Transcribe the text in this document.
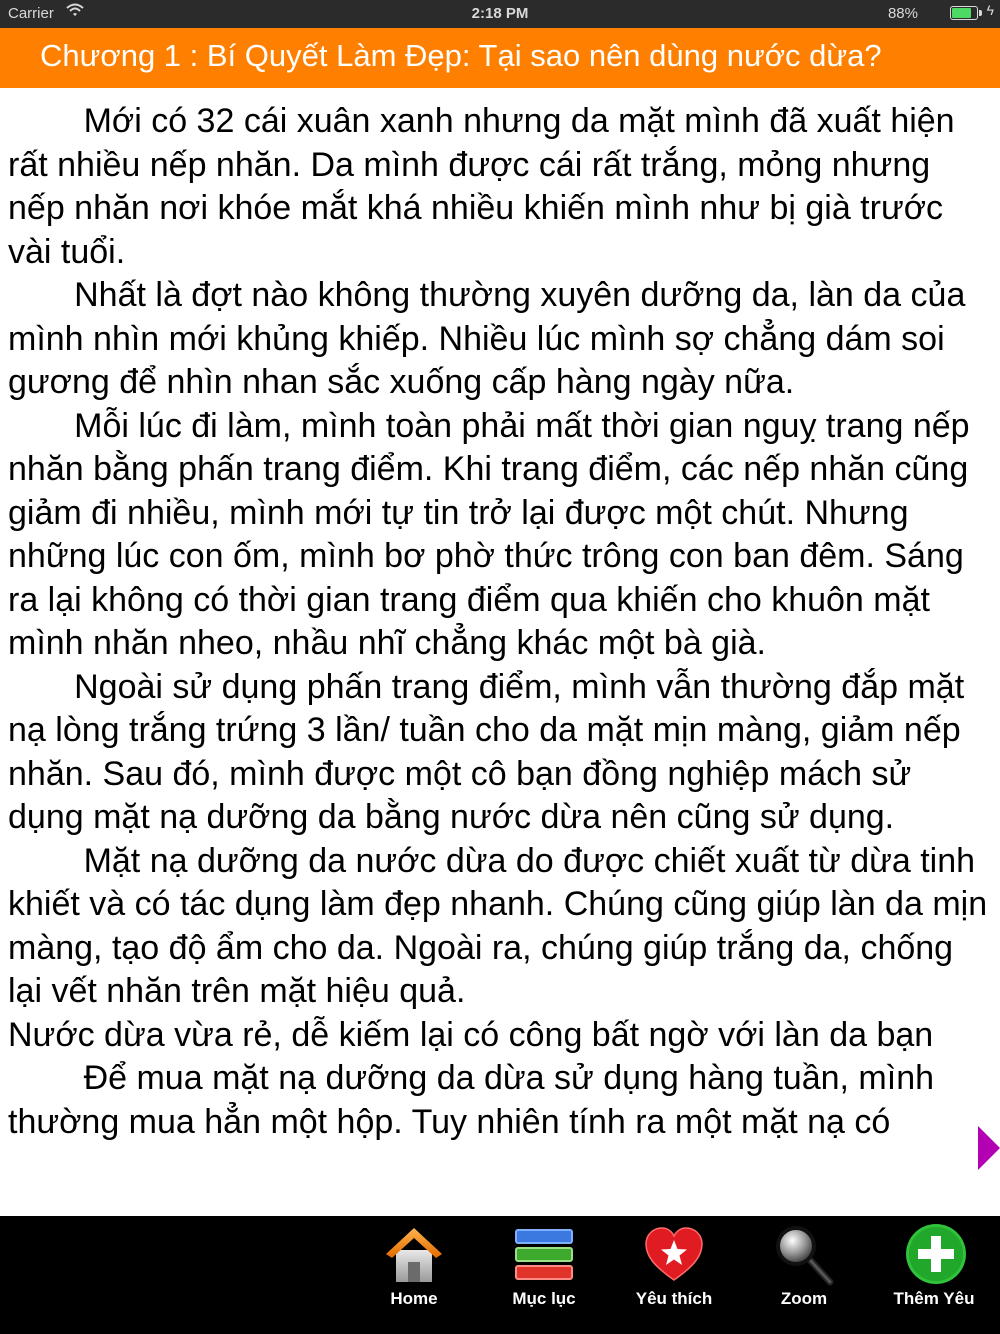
Carrier	2:18 PM	88%	ϟ
Chương 1 : Bí Quyết Làm Đẹp: Tại sao nên dùng nước dừa?

Mới có 32 cái xuân xanh nhưng da mặt mình đã xuất hiện rất nhiều nếp nhăn. Da mình được cái rất trắng, mỏng nhưng nếp nhăn nơi khóe mắt khá nhiều khiến mình như bị già trước vài tuổi.

Nhất là đợt nào không thường xuyên dưỡng da, làn da của mình nhìn mới khủng khiếp. Nhiều lúc mình sợ chẳng dám soi gương để nhìn nhan sắc xuống cấp hàng ngày nữa.

Mỗi lúc đi làm, mình toàn phải mất thời gian nguỵ trang nếp nhăn bằng phấn trang điểm. Khi trang điểm, các nếp nhăn cũng giảm đi nhiều, mình mới tự tin trở lại được một chút. Nhưng những lúc con ốm, mình bơ phờ thức trông con ban đêm. Sáng ra lại không có thời gian trang điểm qua khiến cho khuôn mặt mình nhăn nheo, nhầu nhĩ chẳng khác một bà già.

Ngoài sử dụng phấn trang điểm, mình vẫn thường đắp mặt nạ lòng trắng trứng 3 lần/ tuần cho da mặt mịn màng, giảm nếp nhăn. Sau đó, mình được một cô bạn đồng nghiệp mách sử dụng mặt nạ dưỡng da bằng nước dừa nên cũng sử dụng.

Mặt nạ dưỡng da nước dừa do được chiết xuất từ dừa tinh khiết và có tác dụng làm đẹp nhanh. Chúng cũng giúp làn da mịn màng, tạo độ ẩm cho da. Ngoài ra, chúng giúp trắng da, chống lại vết nhăn trên mặt hiệu quả.

Nước dừa vừa rẻ, dễ kiếm lại có công bất ngờ với làn da bạn

Để mua mặt nạ dưỡng da dừa sử dụng hàng tuần, mình thường mua hẳn một hộp. Tuy nhiên tính ra một mặt nạ có

Home	Mục lục	Yêu thích	Zoom	Thêm Yêu
